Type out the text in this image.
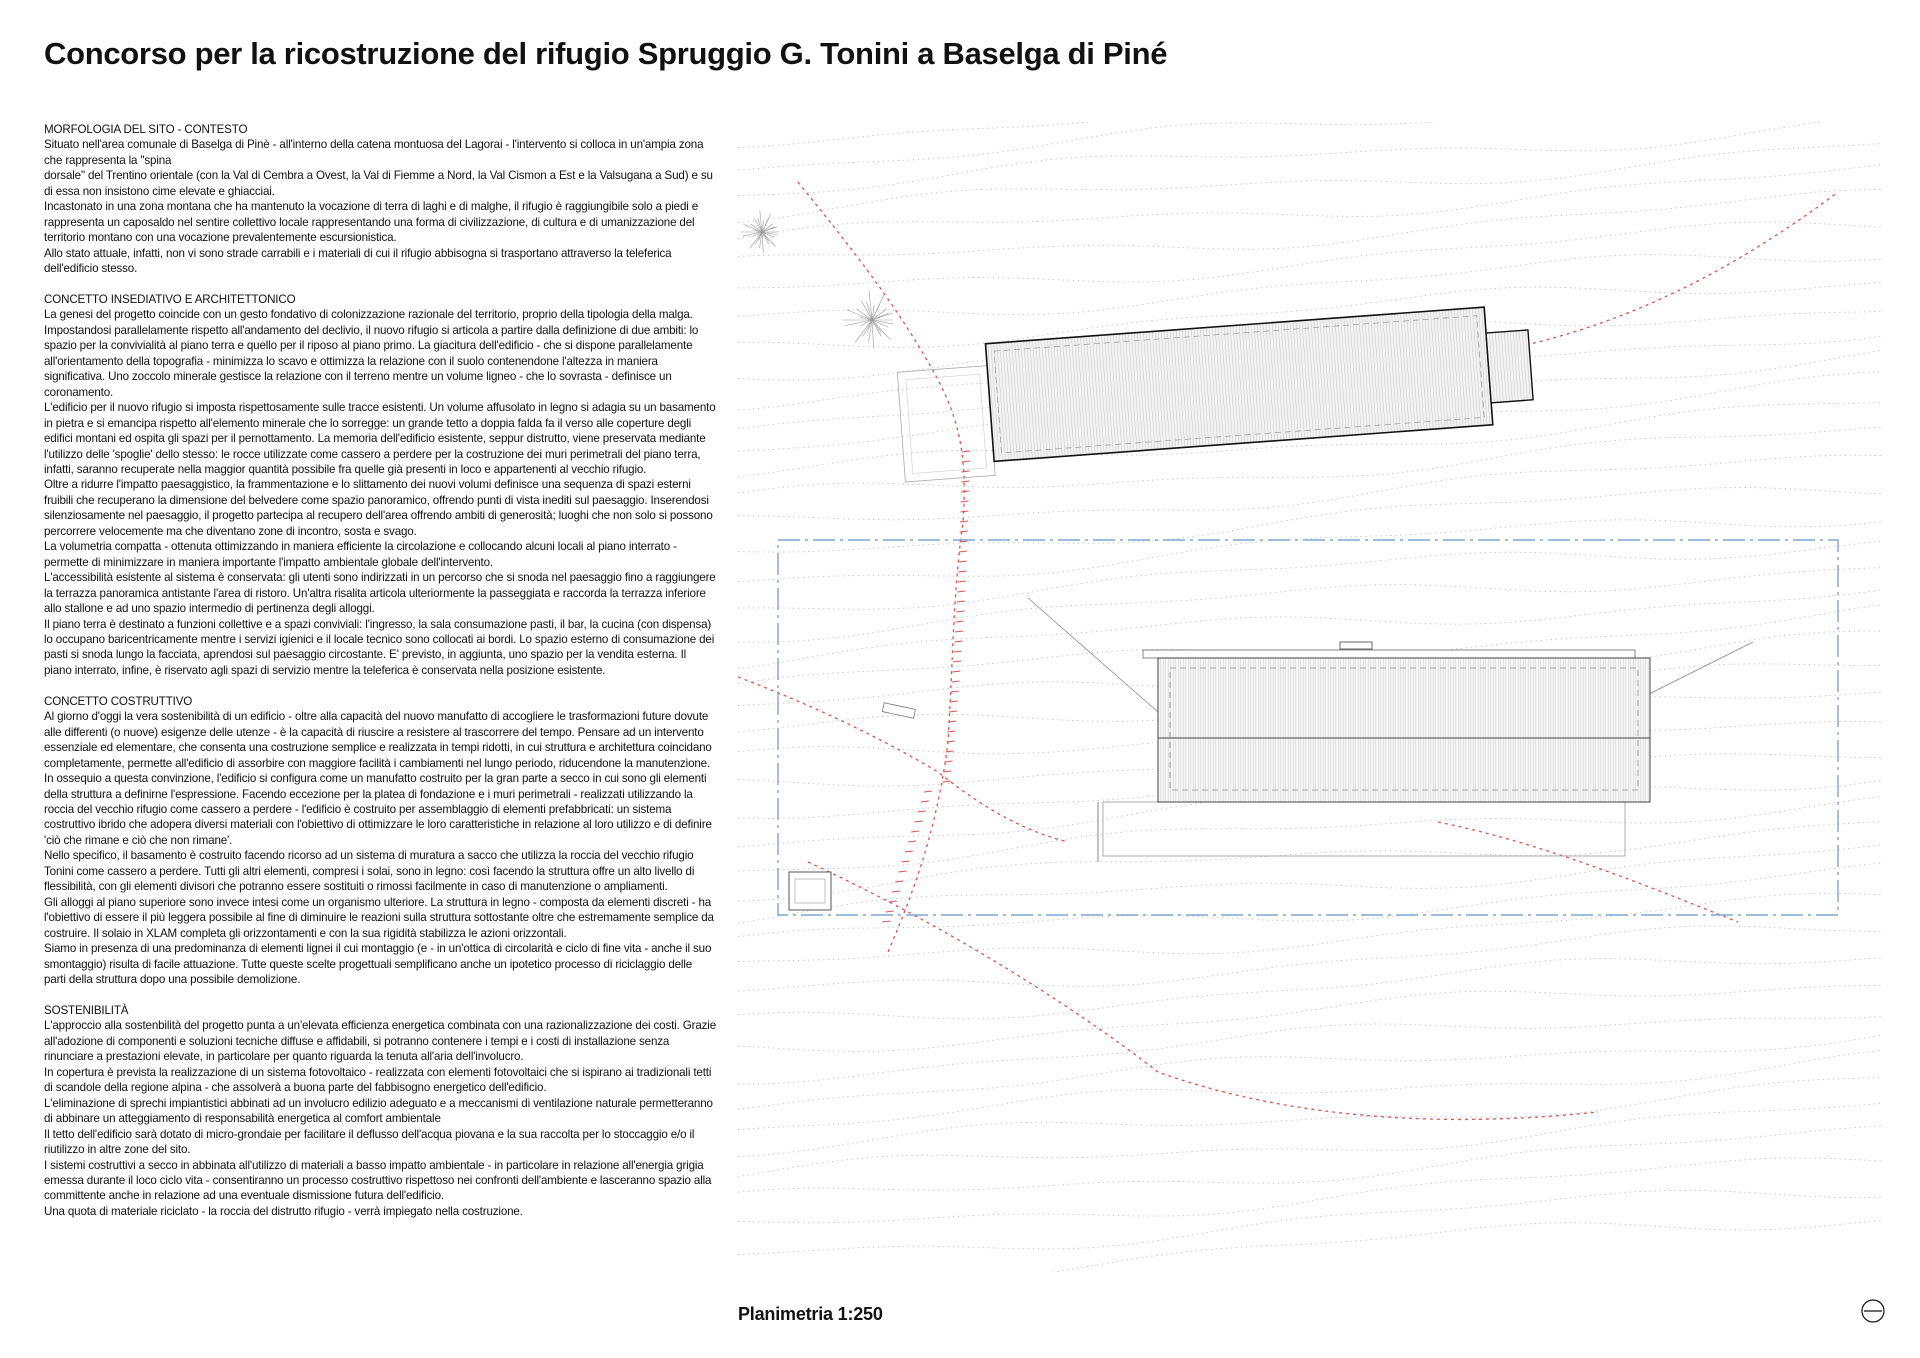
Concorso per la ricostruzione del rifugio Spruggio G. Tonini a Baselga di Piné

MORFOLOGIA DEL SITO - CONTESTO

Situato nell'area comunale di Baselga di Pinè - all'interno della catena montuosa del Lagorai - l'intervento si colloca in un'ampia zona che rappresenta la "spina
dorsale" del Trentino orientale (con la Val di Cembra a Ovest, la Val di Fiemme a Nord, la Val Cismon a Est e la Valsugana a Sud) e su di essa non insistono cime elevate e ghiacciai.
Incastonato in una zona montana che ha mantenuto la vocazione di terra di laghi e di malghe, il rifugio è raggiungibile solo a piedi e rappresenta un caposaldo nel sentire collettivo locale rappresentando una forma di civilizzazione, di cultura e di umanizzazione del territorio montano con una vocazione prevalentemente escursionistica.
Allo stato attuale, infatti, non vi sono strade carrabili e i materiali di cui il rifugio abbisogna si trasportano attraverso la teleferica dell'edificio stesso.

CONCETTO INSEDIATIVO E ARCHITETTONICO

La genesi del progetto coincide con un gesto fondativo di colonizzazione razionale del territorio, proprio della tipologia della malga.
Impostandosi parallelamente rispetto all'andamento del declivio, il nuovo rifugio si articola a partire dalla definizione di due ambiti: lo spazio per la convivialità al piano terra e quello per il riposo al piano primo. La giacitura dell'edificio - che si dispone parallelamente all'orientamento della topografia - minimizza lo scavo e ottimizza la relazione con il suolo contenendone l'altezza in maniera significativa. Uno zoccolo minerale gestisce la relazione con il terreno mentre un volume ligneo - che lo sovrasta - definisce un coronamento.
L'edificio per il nuovo rifugio si imposta rispettosamente sulle tracce esistenti. Un volume affusolato in legno si adagia su un basamento in pietra e si emancipa rispetto all'elemento minerale che lo sorregge: un grande tetto a doppia falda fa il verso alle coperture degli edifici montani ed ospita gli spazi per il pernottamento. La memoria dell'edificio esistente, seppur distrutto, viene preservata mediante l'utilizzo delle 'spoglie' dello stesso: le rocce utilizzate come cassero a perdere per la costruzione dei muri perimetrali del piano terra, infatti, saranno recuperate nella maggior quantità possibile fra quelle già presenti in loco e appartenenti al vecchio rifugio.
Oltre a ridurre l'impatto paesaggistico, la frammentazione e lo slittamento dei nuovi volumi definisce una sequenza di spazi esterni fruibili che recuperano la dimensione del belvedere come spazio panoramico, offrendo punti di vista inediti sul paesaggio. Inserendosi silenziosamente nel paesaggio, il progetto partecipa al recupero dell'area offrendo ambiti di generosità; luoghi che non solo si possono percorrere velocemente ma che diventano zone di incontro, sosta e svago.
La volumetria compatta - ottenuta ottimizzando in maniera efficiente la circolazione e collocando alcuni locali al piano interrato - permette di minimizzare in maniera importante l'impatto ambientale globale dell'intervento.
L'accessibilità esistente al sistema è conservata: gli utenti sono indirizzati in un percorso che si snoda nel paesaggio fino a raggiungere la terrazza panoramica antistante l'area di ristoro. Un'altra risalita articola ulteriormente la passeggiata e raccorda la terrazza inferiore allo stallone e ad uno spazio intermedio di pertinenza degli alloggi.
Il piano terra è destinato a funzioni collettive e a spazi conviviali: l'ingresso, la sala consumazione pasti, il bar, la cucina (con dispensa) lo occupano baricentricamente mentre i servizi igienici e il locale tecnico sono collocati ai bordi. Lo spazio esterno di consumazione dei pasti si snoda lungo la facciata, aprendosi sul paesaggio circostante. E' previsto, in aggiunta, uno spazio per la vendita esterna. Il piano interrato, infine, è riservato agli spazi di servizio mentre la teleferica è conservata nella posizione esistente.

CONCETTO COSTRUTTIVO

Al giorno d'oggi la vera sostenibilità di un edificio - oltre alla capacità del nuovo manufatto di accogliere le trasformazioni future dovute alle differenti (o nuove) esigenze delle utenze - è la capacità di riuscire a resistere al trascorrere del tempo. Pensare ad un intervento essenziale ed elementare, che consenta una costruzione semplice e realizzata in tempi ridotti, in cui struttura e architettura coincidano completamente, permette all'edificio di assorbire con maggiore facilità i cambiamenti nel lungo periodo, riducendone la manutenzione.
In ossequio a questa convinzione, l'edificio si configura come un manufatto costruito per la gran parte a secco in cui sono gli elementi della struttura a definirne l'espressione. Facendo eccezione per la platea di fondazione e i muri perimetrali - realizzati utilizzando la roccia del vecchio rifugio come cassero a perdere - l'edificio è costruito per assemblaggio di elementi prefabbricati: un sistema costruttivo ibrido che adopera diversi materiali con l'obiettivo di ottimizzare le loro caratteristiche in relazione al loro utilizzo e di definire 'ciò che rimane e ciò che non rimane'.
Nello specifico, il basamento è costruito facendo ricorso ad un sistema di muratura a sacco che utilizza la roccia del vecchio rifugio Tonini come cassero a perdere. Tutti gli altri elementi, compresi i solai, sono in legno: così facendo la struttura offre un alto livello di flessibilità, con gli elementi divisori che potranno essere sostituiti o rimossi facilmente in caso di manutenzione o ampliamenti.
Gli alloggi al piano superiore sono invece intesi come un organismo ulteriore. La struttura in legno - composta da elementi discreti - ha l'obiettivo di essere il più leggera possibile al fine di diminuire le reazioni sulla struttura sottostante oltre che estremamente semplice da costruire. Il solaio in XLAM completa gli orizzontamenti e con la sua rigidità stabilizza le azioni orizzontali.
Siamo in presenza di una predominanza di elementi lignei il cui montaggio (e - in un'ottica di circolarità e ciclo di fine vita - anche il suo smontaggio) risulta di facile attuazione. Tutte queste scelte progettuali semplificano anche un ipotetico processo di riciclaggio delle parti della struttura dopo una possibile demolizione.

SOSTENIBILITÀ

L'approccio alla sostenbilità del progetto punta a un'elevata efficienza energetica combinata con una razionalizzazione dei costi. Grazie all'adozione di componenti e soluzioni tecniche diffuse e affidabili, si potranno contenere i tempi e i costi di installazione senza rinunciare a prestazioni elevate, in particolare per quanto riguarda la tenuta all'aria dell'involucro.
In copertura è prevista la realizzazione di un sistema fotovoltaico - realizzata con elementi fotovoltaici che si ispirano ai tradizionali tetti di scandole della regione alpina - che assolverà a buona parte del fabbisogno energetico dell'edificio.
L'eliminazione di sprechi impiantistici abbinati ad un involucro edilizio adeguato e a meccanismi di ventilazione naturale permetteranno di abbinare un atteggiamento di responsabilità energetica al comfort ambientale
Il tetto dell'edificio sarà dotato di micro-grondaie per facilitare il deflusso dell'acqua piovana e la sua raccolta per lo stoccaggio e/o il riutilizzo in altre zone del sito.
I sistemi costruttivi a secco in abbinata all'utilizzo di materiali a basso impatto ambientale - in particolare in relazione all'energia grigia emessa durante il loco ciclo vita - consentiranno un processo costruttivo rispettoso nei confronti dell'ambiente e lasceranno spazio alla committente anche in relazione ad una eventuale dismissione futura dell'edificio.
Una quota di materiale riciclato - la roccia del distrutto rifugio - verrà impiegato nella costruzione.

Planimetria 1:250
